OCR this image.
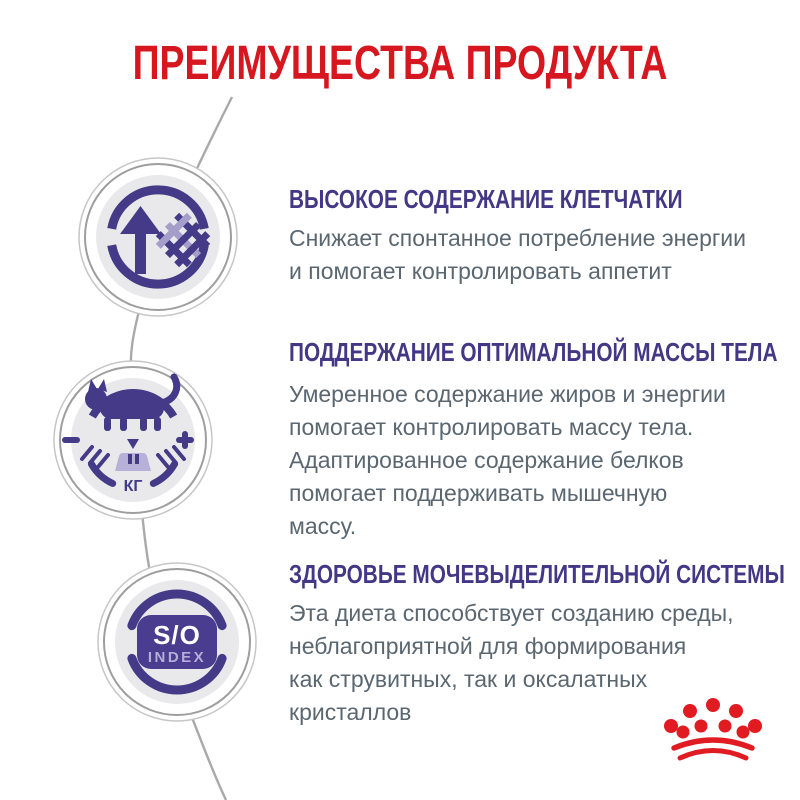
ПРЕИМУЩЕСТВА ПРОДУКТА
КГ
S/O
INDEX
ВЫСОКОЕ СОДЕРЖАНИЕ КЛЕТЧАТКИ
Снижает спонтанное потребление энергии
и помогает контролировать аппетит
ПОДДЕРЖАНИЕ ОПТИМАЛЬНОЙ МАССЫ ТЕЛА
Умеренное содержание жиров и энергии
помогает контролировать массу тела.
Адаптированное содержание белков
помогает поддерживать мышечную
массу.
ЗДОРОВЬЕ МОЧЕВЫДЕЛИТЕЛЬНОЙ СИСТЕМЫ
Эта диета способствует созданию среды,
неблагоприятной для формирования
как струвитных, так и оксалатных
кристаллов
